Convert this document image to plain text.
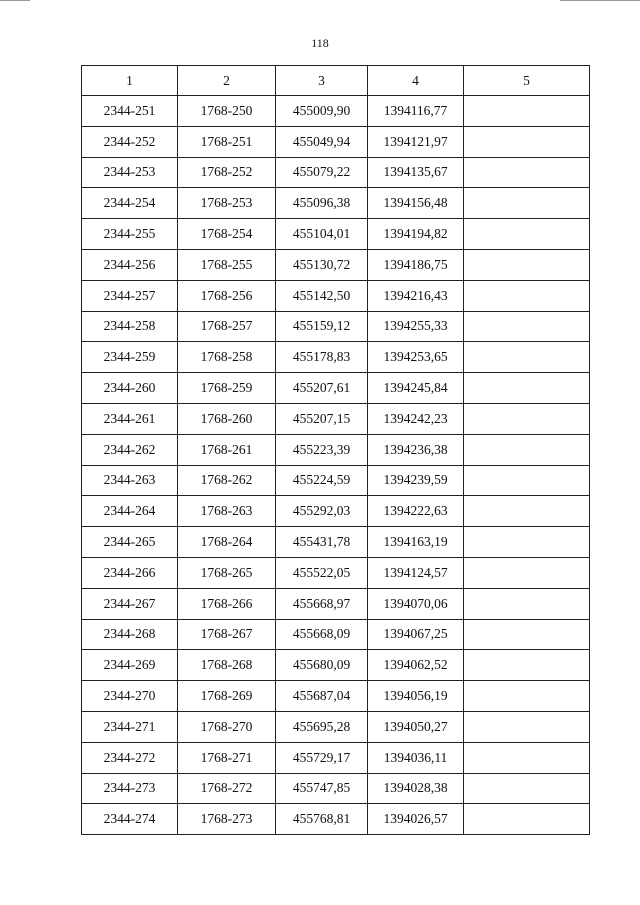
118
1	2	3	4	5
2344-251	1768-250	455009,90	1394116,77	
2344-252	1768-251	455049,94	1394121,97	
2344-253	1768-252	455079,22	1394135,67	
2344-254	1768-253	455096,38	1394156,48	
2344-255	1768-254	455104,01	1394194,82	
2344-256	1768-255	455130,72	1394186,75	
2344-257	1768-256	455142,50	1394216,43	
2344-258	1768-257	455159,12	1394255,33	
2344-259	1768-258	455178,83	1394253,65	
2344-260	1768-259	455207,61	1394245,84	
2344-261	1768-260	455207,15	1394242,23	
2344-262	1768-261	455223,39	1394236,38	
2344-263	1768-262	455224,59	1394239,59	
2344-264	1768-263	455292,03	1394222,63	
2344-265	1768-264	455431,78	1394163,19	
2344-266	1768-265	455522,05	1394124,57	
2344-267	1768-266	455668,97	1394070,06	
2344-268	1768-267	455668,09	1394067,25	
2344-269	1768-268	455680,09	1394062,52	
2344-270	1768-269	455687,04	1394056,19	
2344-271	1768-270	455695,28	1394050,27	
2344-272	1768-271	455729,17	1394036,11	
2344-273	1768-272	455747,85	1394028,38	
2344-274	1768-273	455768,81	1394026,57	
